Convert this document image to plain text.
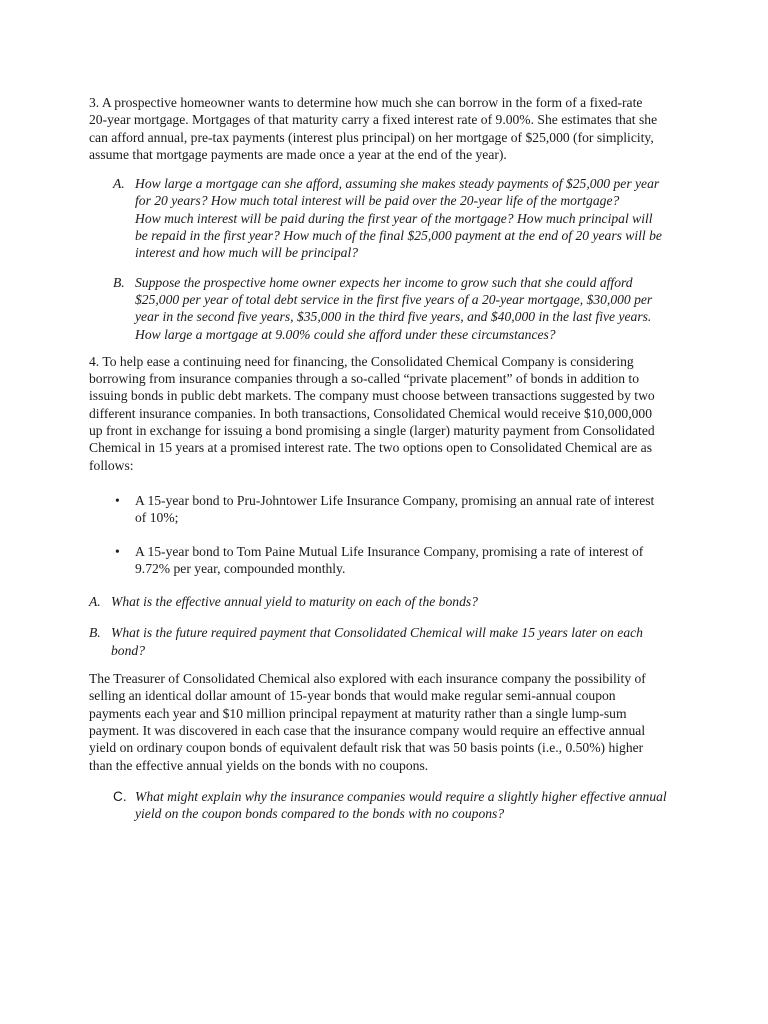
3. A prospective homeowner wants to determine how much she can borrow in the form of a fixed-rate
20-year mortgage. Mortgages of that maturity carry a fixed interest rate of 9.00%. She estimates that she
can afford annual, pre-tax payments (interest plus principal) on her mortgage of $25,000 (for simplicity,
assume that mortgage payments are made once a year at the end of the year).
A. How large a mortgage can she afford, assuming she makes steady payments of $25,000 per year
for 20 years? How much total interest will be paid over the 20-year life of the mortgage?
How much interest will be paid during the first year of the mortgage? How much principal will
be repaid in the first year? How much of the final $25,000 payment at the end of 20 years will be
interest and how much will be principal?
B. Suppose the prospective home owner expects her income to grow such that she could afford
$25,000 per year of total debt service in the first five years of a 20-year mortgage, $30,000 per
year in the second five years, $35,000 in the third five years, and $40,000 in the last five years.
How large a mortgage at 9.00% could she afford under these circumstances?
4. To help ease a continuing need for financing, the Consolidated Chemical Company is considering
borrowing from insurance companies through a so-called “private placement” of bonds in addition to
issuing bonds in public debt markets. The company must choose between transactions suggested by two
different insurance companies. In both transactions, Consolidated Chemical would receive $10,000,000
up front in exchange for issuing a bond promising a single (larger) maturity payment from Consolidated
Chemical in 15 years at a promised interest rate. The two options open to Consolidated Chemical are as
follows:
• A 15-year bond to Pru-Johntower Life Insurance Company, promising an annual rate of interest
of 10%;
• A 15-year bond to Tom Paine Mutual Life Insurance Company, promising a rate of interest of
9.72% per year, compounded monthly.
A. What is the effective annual yield to maturity on each of the bonds?
B. What is the future required payment that Consolidated Chemical will make 15 years later on each
bond?
The Treasurer of Consolidated Chemical also explored with each insurance company the possibility of
selling an identical dollar amount of 15-year bonds that would make regular semi-annual coupon
payments each year and $10 million principal repayment at maturity rather than a single lump-sum
payment. It was discovered in each case that the insurance company would require an effective annual
yield on ordinary coupon bonds of equivalent default risk that was 50 basis points (i.e., 0.50%) higher
than the effective annual yields on the bonds with no coupons.
C. What might explain why the insurance companies would require a slightly higher effective annual
yield on the coupon bonds compared to the bonds with no coupons?
